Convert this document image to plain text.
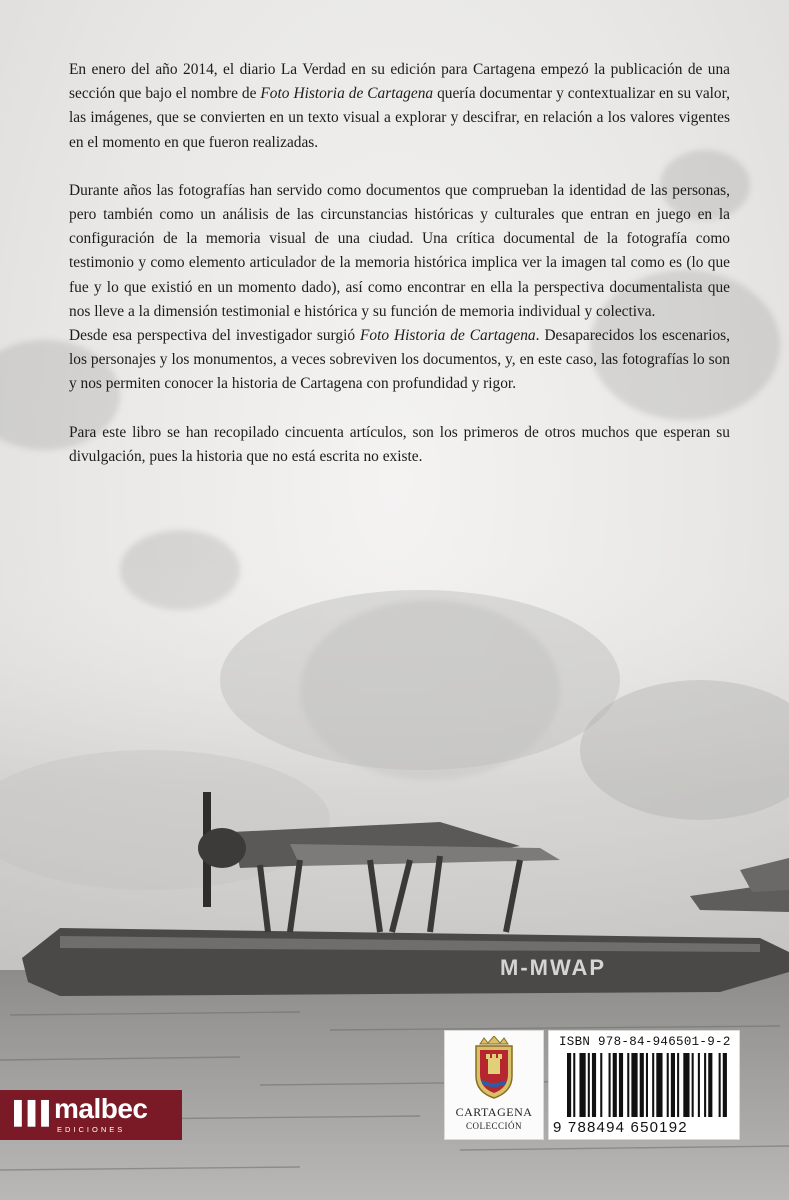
En enero del año 2014, el diario La Verdad en su edición para Cartagena empezó la publicación de una sección que bajo el nombre de Foto Historia de Cartagena quería documentar y contextualizar en su valor, las imágenes, que se convierten en un texto visual a explorar y descifrar, en relación a los valores vigentes en el momento en que fueron realizadas.

Durante años las fotografías han servido como documentos que comprueban la identidad de las personas, pero también como un análisis de las circunstancias históricas y culturales que entran en juego en la configuración de la memoria visual de una ciudad. Una crítica documental de la fotografía como testimonio y como elemento articulador de la memoria histórica implica ver la imagen tal como es (lo que fue y lo que existió en un momento dado), así como encontrar en ella la perspectiva documentalista que nos lleve a la dimensión testimonial e histórica y su función de memoria individual y colectiva.

Desde esa perspectiva del investigador surgió Foto Historia de Cartagena. Desaparecidos los escenarios, los personajes y los monumentos, a veces sobreviven los documentos, y, en este caso, las fotografías lo son y nos permiten conocer la historia de Cartagena con profundidad y rigor.

Para este libro se han recopilado cincuenta artículos, son los primeros de otros muchos que esperan su divulgación, pues la historia que no está escrita no existe.

M-MWAP
▌▌▌ malbec
EDICIONES
CARTAGENA
COLECCIÓN
ISBN 978-84-946501-9-2
9 788494 650192
